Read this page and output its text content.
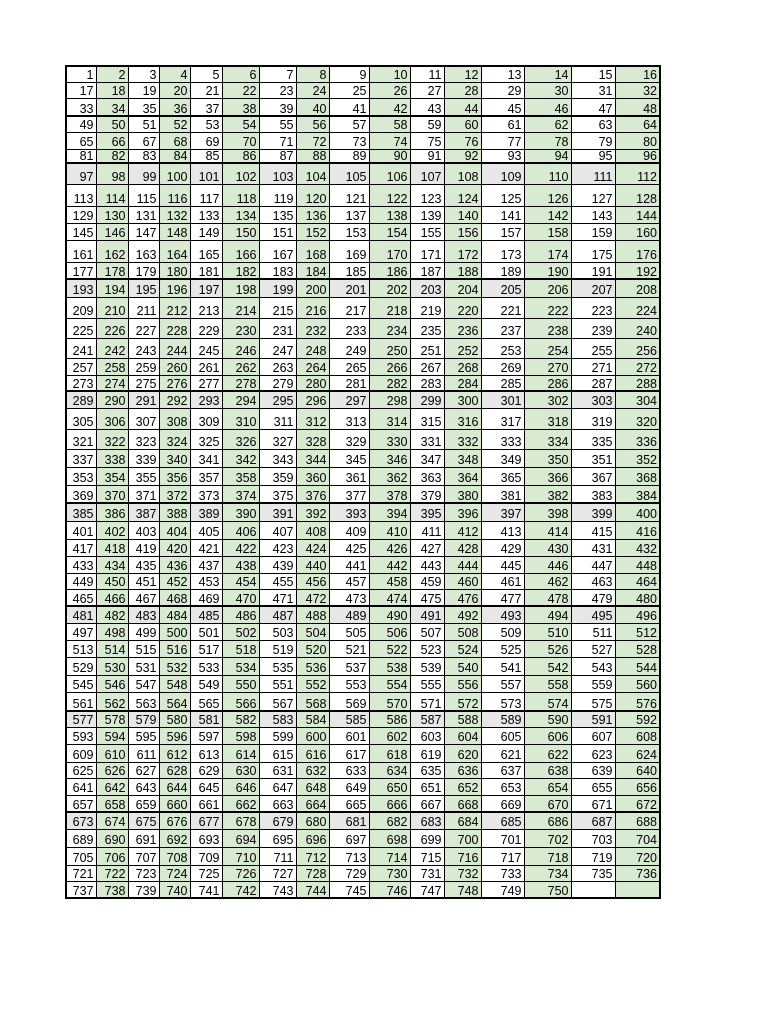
1	2	3	4	5	6	7	8	9	10	11	12	13	14	15	16
17	18	19	20	21	22	23	24	25	26	27	28	29	30	31	32
33	34	35	36	37	38	39	40	41	42	43	44	45	46	47	48
49	50	51	52	53	54	55	56	57	58	59	60	61	62	63	64
65	66	67	68	69	70	71	72	73	74	75	76	77	78	79	80
81	82	83	84	85	86	87	88	89	90	91	92	93	94	95	96
97	98	99	100	101	102	103	104	105	106	107	108	109	110	111	112
113	114	115	116	117	118	119	120	121	122	123	124	125	126	127	128
129	130	131	132	133	134	135	136	137	138	139	140	141	142	143	144
145	146	147	148	149	150	151	152	153	154	155	156	157	158	159	160
161	162	163	164	165	166	167	168	169	170	171	172	173	174	175	176
177	178	179	180	181	182	183	184	185	186	187	188	189	190	191	192
193	194	195	196	197	198	199	200	201	202	203	204	205	206	207	208
209	210	211	212	213	214	215	216	217	218	219	220	221	222	223	224
225	226	227	228	229	230	231	232	233	234	235	236	237	238	239	240
241	242	243	244	245	246	247	248	249	250	251	252	253	254	255	256
257	258	259	260	261	262	263	264	265	266	267	268	269	270	271	272
273	274	275	276	277	278	279	280	281	282	283	284	285	286	287	288
289	290	291	292	293	294	295	296	297	298	299	300	301	302	303	304
305	306	307	308	309	310	311	312	313	314	315	316	317	318	319	320
321	322	323	324	325	326	327	328	329	330	331	332	333	334	335	336
337	338	339	340	341	342	343	344	345	346	347	348	349	350	351	352
353	354	355	356	357	358	359	360	361	362	363	364	365	366	367	368
369	370	371	372	373	374	375	376	377	378	379	380	381	382	383	384
385	386	387	388	389	390	391	392	393	394	395	396	397	398	399	400
401	402	403	404	405	406	407	408	409	410	411	412	413	414	415	416
417	418	419	420	421	422	423	424	425	426	427	428	429	430	431	432
433	434	435	436	437	438	439	440	441	442	443	444	445	446	447	448
449	450	451	452	453	454	455	456	457	458	459	460	461	462	463	464
465	466	467	468	469	470	471	472	473	474	475	476	477	478	479	480
481	482	483	484	485	486	487	488	489	490	491	492	493	494	495	496
497	498	499	500	501	502	503	504	505	506	507	508	509	510	511	512
513	514	515	516	517	518	519	520	521	522	523	524	525	526	527	528
529	530	531	532	533	534	535	536	537	538	539	540	541	542	543	544
545	546	547	548	549	550	551	552	553	554	555	556	557	558	559	560
561	562	563	564	565	566	567	568	569	570	571	572	573	574	575	576
577	578	579	580	581	582	583	584	585	586	587	588	589	590	591	592
593	594	595	596	597	598	599	600	601	602	603	604	605	606	607	608
609	610	611	612	613	614	615	616	617	618	619	620	621	622	623	624
625	626	627	628	629	630	631	632	633	634	635	636	637	638	639	640
641	642	643	644	645	646	647	648	649	650	651	652	653	654	655	656
657	658	659	660	661	662	663	664	665	666	667	668	669	670	671	672
673	674	675	676	677	678	679	680	681	682	683	684	685	686	687	688
689	690	691	692	693	694	695	696	697	698	699	700	701	702	703	704
705	706	707	708	709	710	711	712	713	714	715	716	717	718	719	720
721	722	723	724	725	726	727	728	729	730	731	732	733	734	735	736
737	738	739	740	741	742	743	744	745	746	747	748	749	750		
